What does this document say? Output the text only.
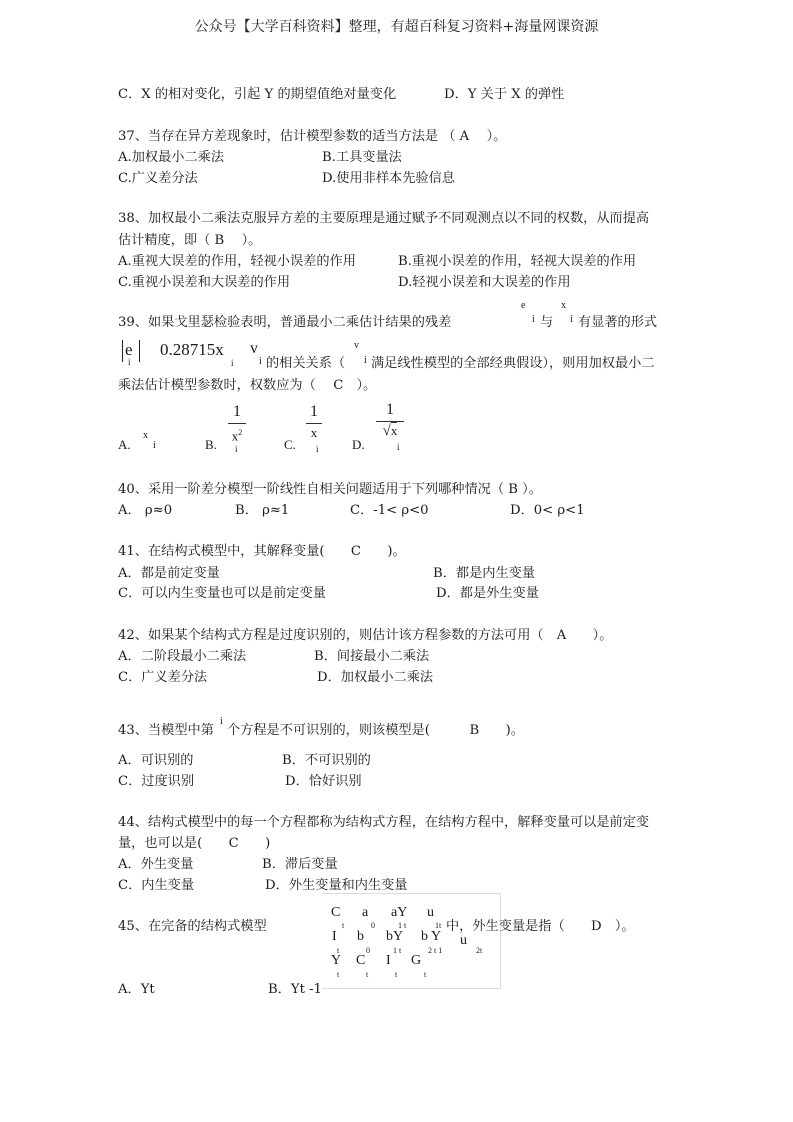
公众号【大学百科资料】整理，有超百科复习资料+海量网课资源
C．X 的相对变化，引起 Y 的期望值绝对量变化	D．Y 关于 X 的弹性
37、当存在异方差现象时，估计模型参数的适当方法是 （ A　 ）。
A.加权最小二乘法	B.工具变量法
C.广义差分法	D.使用非样本先验信息
38、加权最小二乘法克服异方差的主要原理是通过赋予不同观测点以不同的权数，从而提高
估计精度，即（ B　 ）。
A.重视大误差的作用，轻视小误差的作用	B.重视小误差的作用，轻视大误差的作用
C.重视小误差和大误差的作用	D.轻视小误差和大误差的作用
39、如果戈里瑟检验表明，普通最小二乘估计结果的残差
e
i 与
x
i 有显著的形式
e
i
0.28715x
i
v
i 的相关关系（
v
i 满足线性模型的全部经典假设），则用加权最小二
乘法估计模型参数时，权数应为（　 C　）。
A.
x
i	B.
1
$x^2$
i	C.
1
x
i	D.
1
√x
i
40、采用一阶差分模型一阶线性自相关问题适用于下列哪种情况（ B ）。
A． ρ≈0	B． ρ≈1	C．-1< ρ<0	D．0< ρ<1
41、在结构式模型中，其解释变量(　　C　　)。
A．都是前定变量	B．都是内生变量
C．可以内生变量也可以是前定变量	D．都是外生变量
42、如果某个结构式方程是过度识别的，则估计该方程参数的方法可用（　A　　）。
A．二阶段最小二乘法	B．间接最小二乘法
C．广义差分法	D．加权最小二乘法
43、当模型中第
i
个方程是不可识别的，则该模型是(　　　B　　)。
A．可识别的	B．不可识别的
C．过度识别	D．恰好识别
44、结构式模型中的每一个方程都称为结构式方程，在结构方程中，解释变量可以是前定变
量，也可以是(　　C　　)
A．外生变量	B．滞后变量
C．内生变量	D．外生变量和内生变量
45、在完备的结构式模型
C
t
a
0
aY
1 t
u
1t 中，外生变量是指（　　D　）。
I
t
b
0
bY
1 t
b Y
2 t 1
u
2t
Y
t
C
t
I
t
G
t
A．Yt	B．Yt -1
